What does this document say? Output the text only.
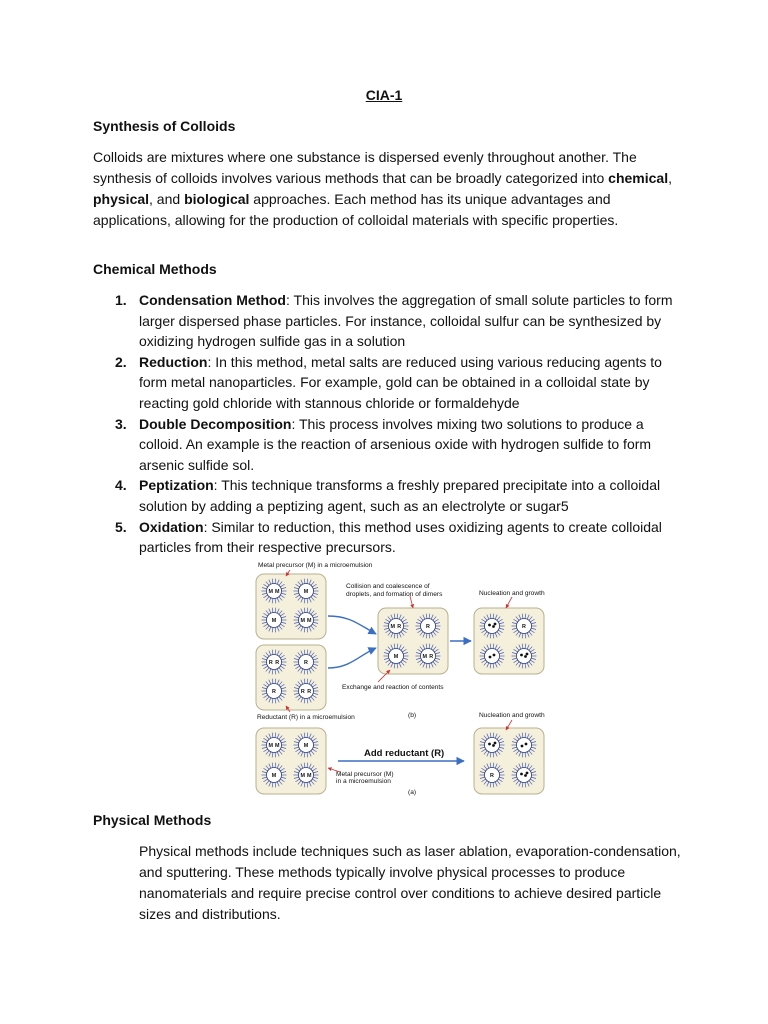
CIA-1
Synthesis of Colloids

Colloids are mixtures where one substance is dispersed evenly throughout another. The synthesis of colloids involves various methods that can be broadly categorized into chemical, physical, and biological approaches. Each method has its unique advantages and applications, allowing for the production of colloidal materials with specific properties.

Chemical Methods
1. Condensation Method: This involves the aggregation of small solute particles to form larger dispersed phase particles. For instance, colloidal sulfur can be synthesized by oxidizing hydrogen sulfide gas in a solution
2. Reduction: In this method, metal salts are reduced using various reducing agents to form metal nanoparticles. For example, gold can be obtained in a colloidal state by reacting gold chloride with stannous chloride or formaldehyde
3. Double Decomposition: This process involves mixing two solutions to produce a colloid. An example is the reaction of arsenious oxide with hydrogen sulfide to form arsenic sulfide sol.
4. Peptization: This technique transforms a freshly prepared precipitate into a colloidal solution by adding a peptizing agent, such as an electrolyte or sugar5
5. Oxidation: Similar to reduction, this method uses oxidizing agents to create colloidal particles from their respective precursors.
M M	M
M	M M
R R	R
R	R R
M R	R
M	M R
R
M M	M
M	M M	R
Metal precursor (M) in a microemulsion
Collision and coalescence of
droplets, and formation of dimers	Nucleation and growth
Exchange and reaction of contents
Reductant (R) in a microemulsion	(b)	Nucleation and growth
Add reductant (R)
Metal precursor (M)
in a microemulsion
(a)
Physical Methods

Physical methods include techniques such as laser ablation, evaporation-condensation, and sputtering. These methods typically involve physical processes to produce nanomaterials and require precise control over conditions to achieve desired particle sizes and distributions.
